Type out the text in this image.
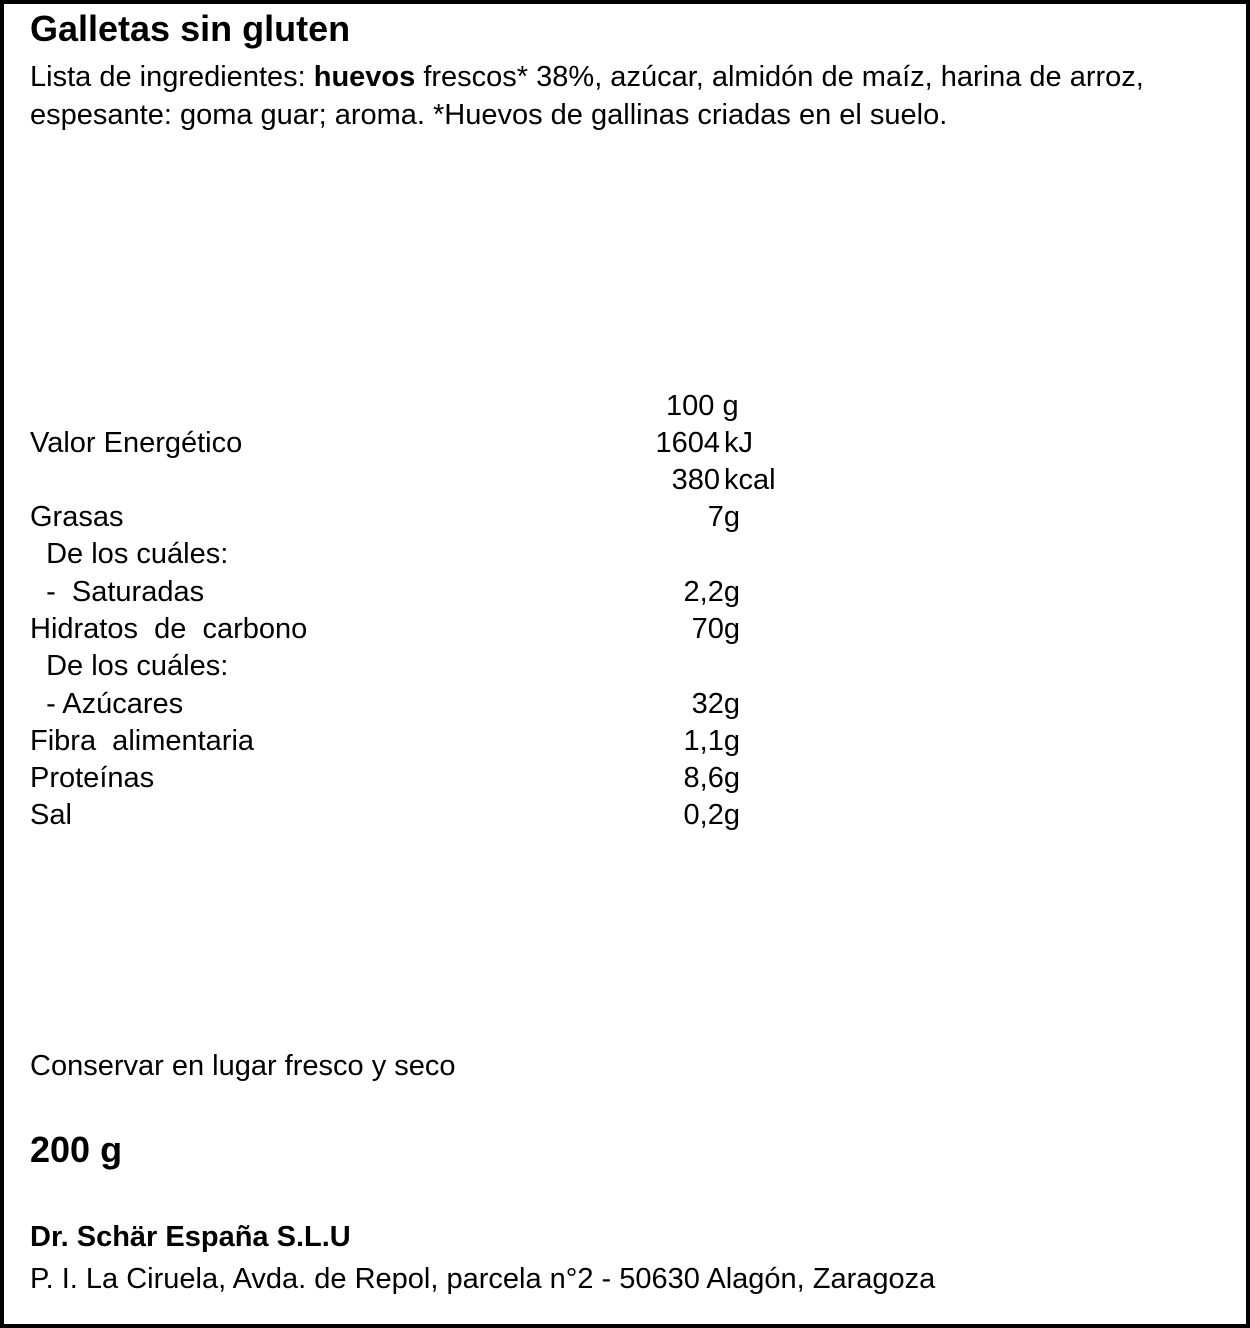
Galletas sin gluten
Lista de ingredientes: huevos frescos* 38%, azúcar, almidón de maíz, harina de arroz, espesante: goma guar; aroma. *Huevos de gallinas criadas en el suelo.
100 g
Valor Energético	1604 kJ
380 kcal
Grasas	7g
De los cuáles:
-  Saturadas	2,2g
Hidratos  de  carbono	70g
De los cuáles:
- Azúcares	32g
Fibra  alimentaria	1,1g
Proteínas	8,6g
Sal	0,2g
Conservar en lugar fresco y seco
200 g
Dr. Schär España S.L.U
P. I. La Ciruela, Avda. de Repol, parcela n°2 - 50630 Alagón, Zaragoza
